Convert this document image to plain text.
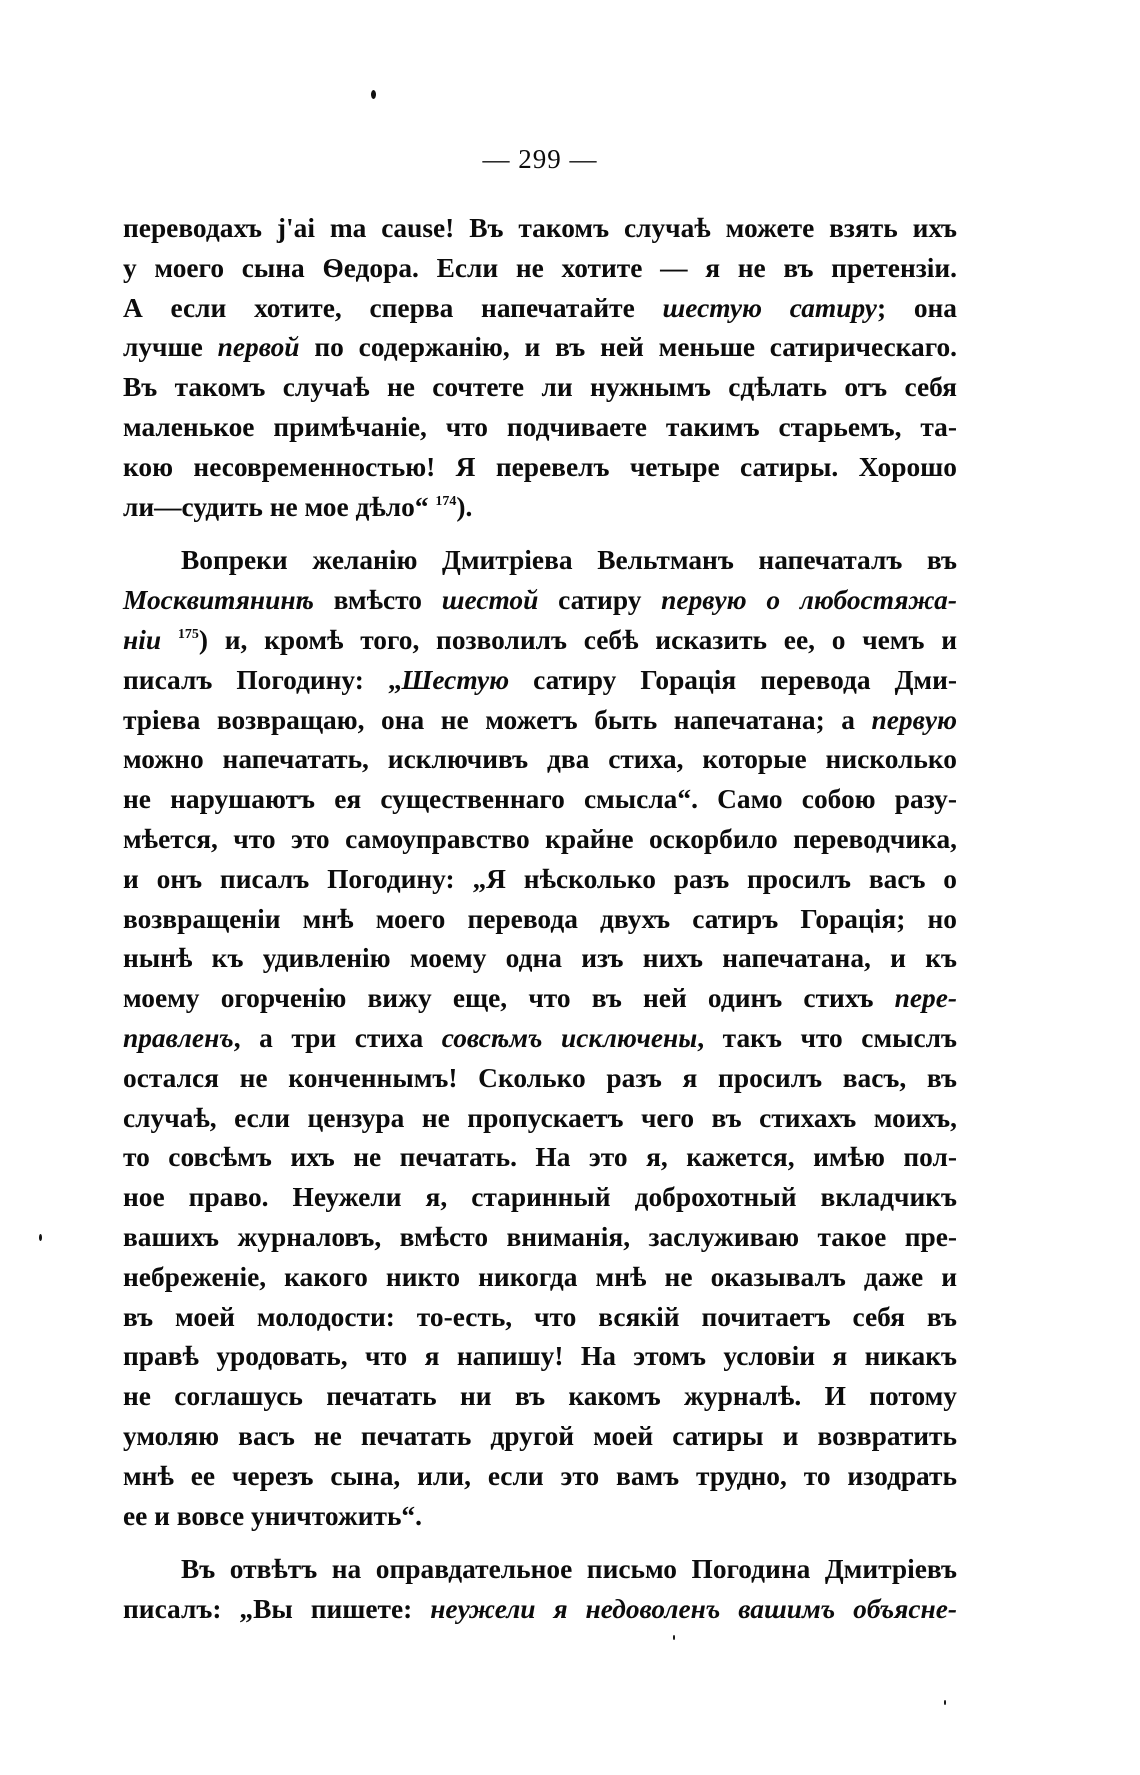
— 299 —
переводахъ j'ai ma cause! Въ такомъ случаѣ можете взять ихъ
у моего сына Ѳедора. Если не хотите — я не въ претензіи.
А если хотите, сперва напечатайте шестую сатиру; она
лучше первой по содержанію, и въ ней меньше сатирическаго.
Въ такомъ случаѣ не сочтете ли нужнымъ сдѣлать отъ себя
маленькое примѣчаніе, что подчиваете такимъ старьемъ, та-
кою несовременностью! Я перевелъ четыре сатиры. Хорошо
ли—судить не мое дѣло“ $^{174}$).
Вопреки желанію Дмитріева Вельтманъ напечаталъ въ
Москвитянинѣ вмѣсто шестой сатиру первую о любостяжа-
ніи $^{175}$) и, кромѣ того, позволилъ себѣ исказить ее, о чемъ и
писалъ Погодину: „Шестую сатиру Горація перевода Дми-
тріева возвращаю, она не можетъ быть напечатана; а первую
можно напечатать, исключивъ два стиха, которые нисколько
не нарушаютъ ея существеннаго смысла“. Само собою разу-
мѣется, что это самоуправство крайне оскорбило переводчика,
и онъ писалъ Погодину: „Я нѣсколько разъ просилъ васъ о
возвращеніи мнѣ моего перевода двухъ сатиръ Горація; но
нынѣ къ удивленію моему одна изъ нихъ напечатана, и къ
моему огорченію вижу еще, что въ ней одинъ стихъ пере-
правленъ, а три стиха совсѣмъ исключены, такъ что смыслъ
остался не конченнымъ! Сколько разъ я просилъ васъ, въ
случаѣ, если цензура не пропускаетъ чего въ стихахъ моихъ,
то совсѣмъ ихъ не печатать. На это я, кажется, имѣю пол-
ное право. Неужели я, старинный доброхотный вкладчикъ
вашихъ журналовъ, вмѣсто вниманія, заслуживаю такое пре-
небреженіе, какого никто никогда мнѣ не оказывалъ даже и
въ моей молодости: то-есть, что всякій почитаетъ себя въ
правѣ уродовать, что я напишу! На этомъ условіи я никакъ
не соглашусь печатать ни въ какомъ журналѣ. И потому
умоляю васъ не печатать другой моей сатиры и возвратить
мнѣ ее черезъ сына, или, если это вамъ трудно, то изодрать
ее и вовсе уничтожить“.
Въ отвѣтъ на оправдательное письмо Погодина Дмитріевъ
писалъ: „Вы пишете: неужели я недоволенъ вашимъ объясне-
